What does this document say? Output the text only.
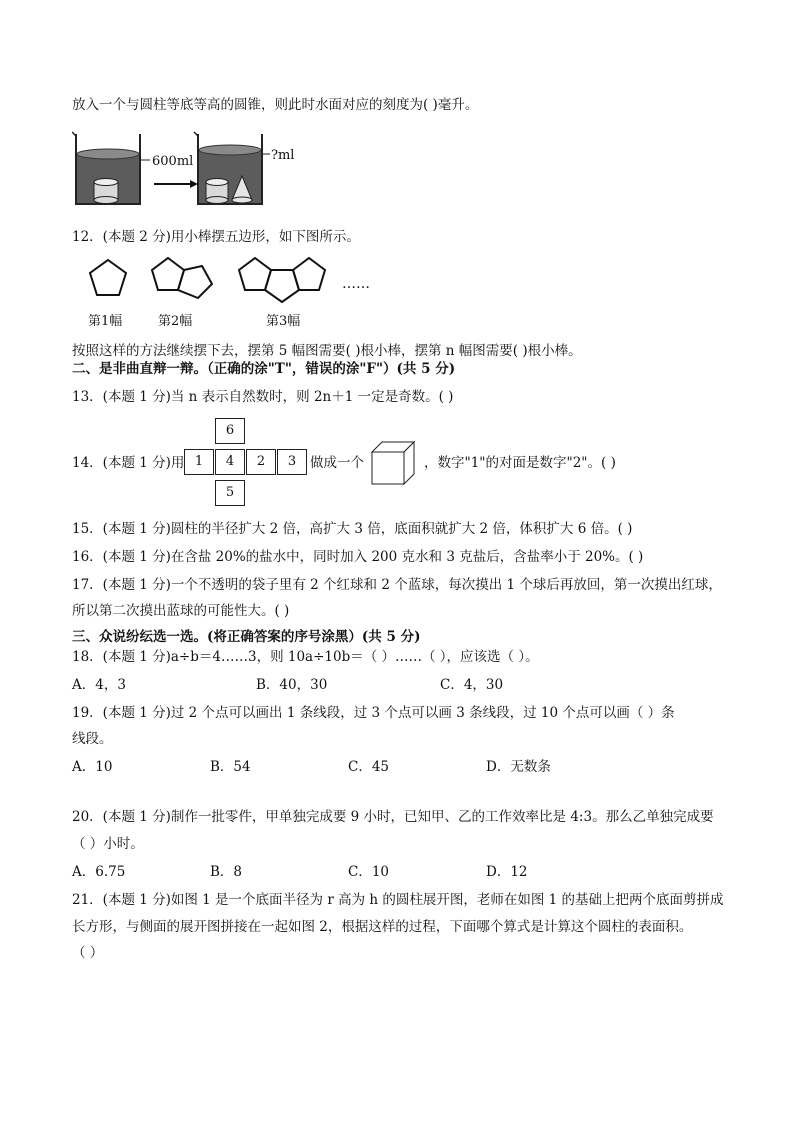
放入一个与圆柱等底等高的圆锥，则此时水面对应的刻度为( )毫升。
600ml	?ml
12．(本题 2 分)用小棒摆五边形，如下图所示。
……
第1幅	第2幅	第3幅
按照这样的方法继续摆下去，摆第 5 幅图需要( )根小棒，摆第 n 幅图需要( )根小棒。
二、是非曲直辩一辩。（正确的涂"T"，错误的涂"F"）(共 5 分)
13．(本题 1 分)当 n 表示自然数时，则 2n＋1 一定是奇数。( )
14．(本题 1 分)用
6
1	4	2	3
5
做成一个	，数字"1"的对面是数字"2"。( )
15．(本题 1 分)圆柱的半径扩大 2 倍，高扩大 3 倍，底面积就扩大 2 倍，体积扩大 6 倍。( )
16．(本题 1 分)在含盐 20%的盐水中，同时加入 200 克水和 3 克盐后，含盐率小于 20%。( )
17．(本题 1 分)一个不透明的袋子里有 2 个红球和 2 个蓝球，每次摸出 1 个球后再放回，第一次摸出红球，
所以第二次摸出蓝球的可能性大。( )
三、众说纷纭选一选。(将正确答案的序号涂黑）(共 5 分)
18．(本题 1 分)a÷b＝4……3，则 10a÷10b＝（ ）……（ ），应该选（ ）。
A．4，3	B．40，30	C．4，30
19．(本题 1 分)过 2 个点可以画出 1 条线段，过 3 个点可以画 3 条线段，过 10 个点可以画（ ）条
线段。
A．10	B．54	C．45	D．无数条
20．(本题 1 分)制作一批零件，甲单独完成要 9 小时，已知甲、乙的工作效率比是 4:3。那么乙单独完成要
（ ）小时。
A．6.75	B．8	C．10	D．12
21．(本题 1 分)如图 1 是一个底面半径为 r 高为 h 的圆柱展开图，老师在如图 1 的基础上把两个底面剪拼成
长方形，与侧面的展开图拼接在一起如图 2，根据这样的过程，下面哪个算式是计算这个圆柱的表面积。
（ ）
